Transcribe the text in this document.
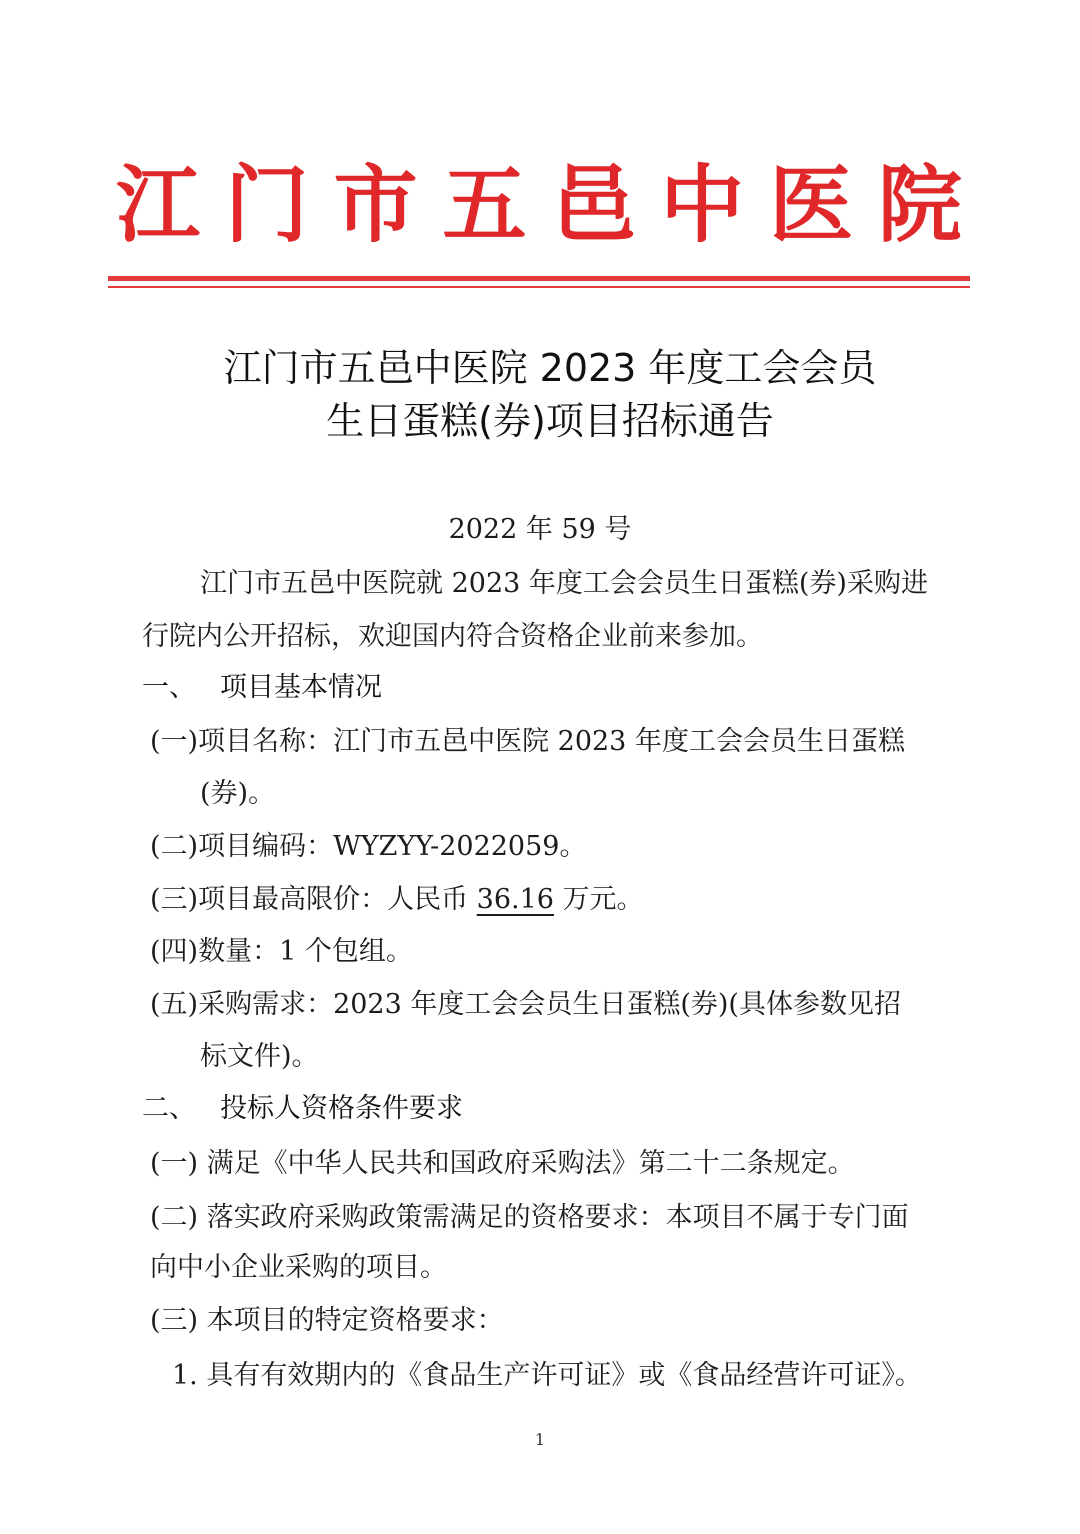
江 门 市 五 邑 中 医 院
江门市五邑中医院 2023 年度工会会员
生日蛋糕(券)项目招标通告
2022 年 59 号
江门市五邑中医院就 2023 年度工会会员生日蛋糕(券)采购进
行院内公开招标，欢迎国内符合资格企业前来参加。
一、 项目基本情况
(一)项目名称：江门市五邑中医院 2023 年度工会会员生日蛋糕
(券)。
(二)项目编码：WYZYY-2022059。
(三)项目最高限价：人民币 36.16 万元。
(四)数量：1 个包组。
(五)采购需求：2023 年度工会会员生日蛋糕(券)(具体参数见招
标文件)。
二、 投标人资格条件要求
(一) 满足《中华人民共和国政府采购法》第二十二条规定。
(二) 落实政府采购政策需满足的资格要求：本项目不属于专门面
向中小企业采购的项目。
(三) 本项目的特定资格要求：
1. 具有有效期内的《食品生产许可证》或《食品经营许可证》。
1
